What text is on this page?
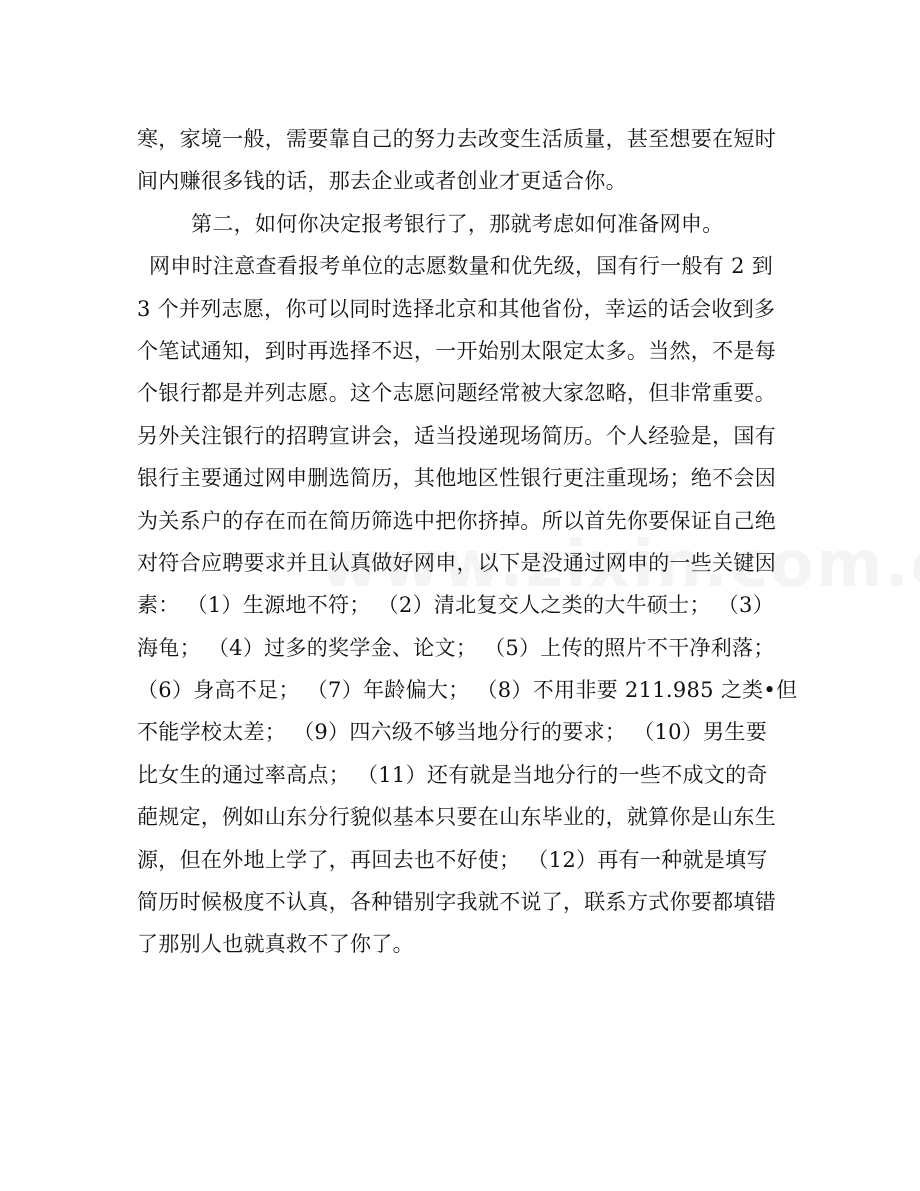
寒，家境一般，需要靠自己的努力去改变生活质量，甚至想要在短时
间内赚很多钱的话，那去企业或者创业才更适合你。
第二，如何你决定报考银行了，那就考虑如何准备网申。
网申时注意查看报考单位的志愿数量和优先级，国有行一般有 2 到
3 个并列志愿，你可以同时选择北京和其他省份，幸运的话会收到多
个笔试通知，到时再选择不迟，一开始别太限定太多。当然，不是每
个银行都是并列志愿。这个志愿问题经常被大家忽略，但非常重要。
另外关注银行的招聘宣讲会，适当投递现场简历。个人经验是，国有
银行主要通过网申删选简历，其他地区性银行更注重现场；绝不会因
为关系户的存在而在简历筛选中把你挤掉。所以首先你要保证自己绝
对符合应聘要求并且认真做好网申，以下是没通过网申的一些关键因
素： （1）生源地不符； （2）清北复交人之类的大牛硕士； （3）
海龟； （4）过多的奖学金、论文； （5）上传的照片不干净利落；
（6）身高不足； （7）年龄偏大； （8）不用非要 211.985 之类•但
不能学校太差； （9）四六级不够当地分行的要求； （10）男生要
比女生的通过率高点； （11）还有就是当地分行的一些不成文的奇
葩规定，例如山东分行貌似基本只要在山东毕业的，就算你是山东生
源，但在外地上学了，再回去也不好使； （12）再有一种就是填写
简历时候极度不认真，各种错别字我就不说了，联系方式你要都填错
了那别人也就真救不了你了。
